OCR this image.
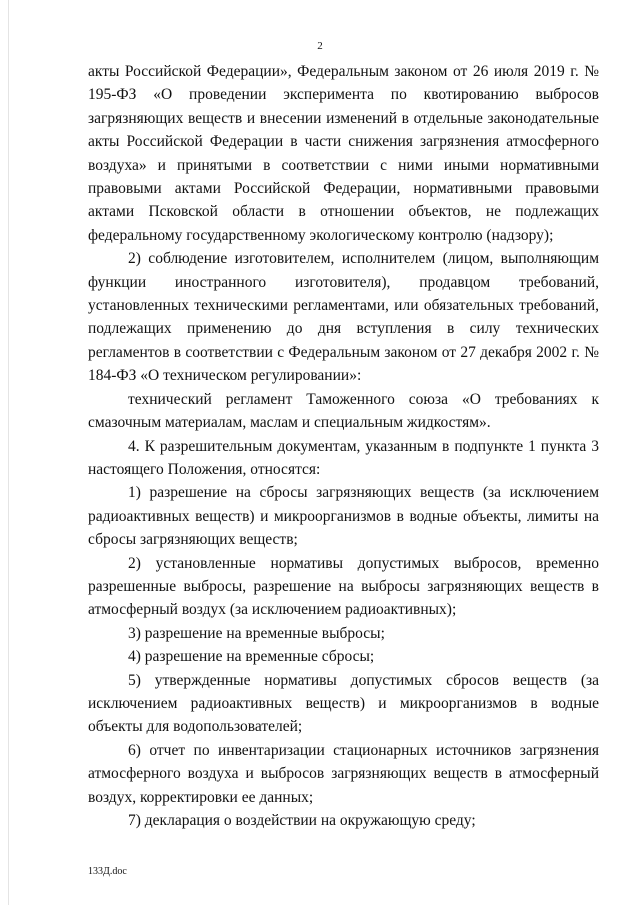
2

акты Российской Федерации», Федеральным законом от 26 июля 2019 г. № 195-ФЗ «О проведении эксперимента по квотированию выбросов загрязняющих веществ и внесении изменений в отдельные законодательные акты Российской Федерации в части снижения загрязнения атмосферного воздуха» и принятыми в соответствии с ними иными нормативными правовыми актами Российской Федерации, нормативными правовыми актами Псковской области в отношении объектов, не подлежащих федеральному государственному экологическому контролю (надзору);

2) соблюдение изготовителем, исполнителем (лицом, выполняющим функции иностранного изготовителя), продавцом требований, установленных техническими регламентами, или обязательных требований, подлежащих применению до дня вступления в силу технических регламентов в соответствии с Федеральным законом от 27 декабря 2002 г. № 184-ФЗ «О техническом регулировании»:

технический регламент Таможенного союза «О требованиях к смазочным материалам, маслам и специальным жидкостям».

4. К разрешительным документам, указанным в подпункте 1 пункта 3 настоящего Положения, относятся:

1) разрешение на сбросы загрязняющих веществ (за исключением радиоактивных веществ) и микроорганизмов в водные объекты, лимиты на сбросы загрязняющих веществ;

2) установленные нормативы допустимых выбросов, временно разрешенные выбросы, разрешение на выбросы загрязняющих веществ в атмосферный воздух (за исключением радиоактивных);

3) разрешение на временные выбросы;

4) разрешение на временные сбросы;

5) утвержденные нормативы допустимых сбросов веществ (за исключением радиоактивных веществ) и микроорганизмов в водные объекты для водопользователей;

6) отчет по инвентаризации стационарных источников загрязнения атмосферного воздуха и выбросов загрязняющих веществ в атмосферный воздух, корректировки ее данных;

7) декларация о воздействии на окружающую среду;

133Д.doc
